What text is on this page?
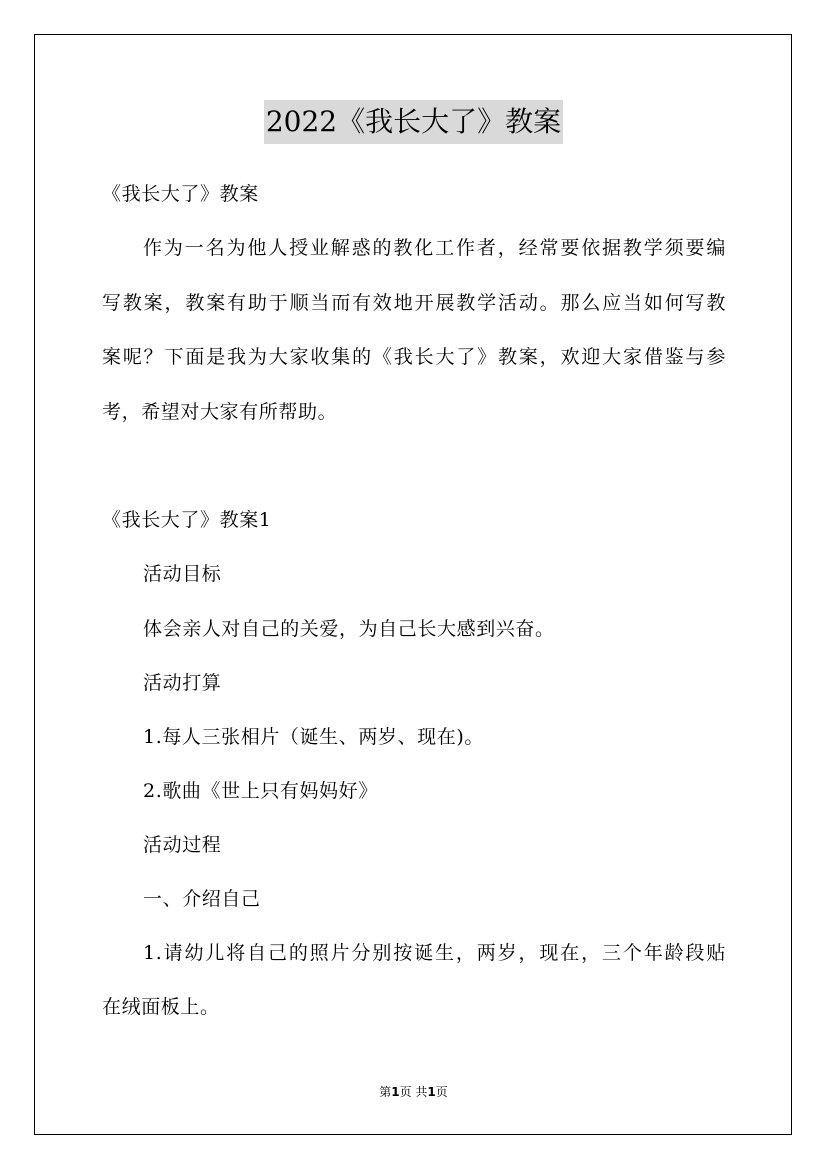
2022《我长大了》教案
《我长大了》教案
作为一名为他人授业解惑的教化工作者，经常要依据教学须要编
写教案，教案有助于顺当而有效地开展教学活动。那么应当如何写教
案呢？下面是我为大家收集的《我长大了》教案，欢迎大家借鉴与参
考，希望对大家有所帮助。
《我长大了》教案1
活动目标
体会亲人对自己的关爱，为自己长大感到兴奋。
活动打算
1.每人三张相片（诞生、两岁、现在)。
2.歌曲《世上只有妈妈好》
活动过程
一、介绍自己
1.请幼儿将自己的照片分别按诞生，两岁，现在，三个年龄段贴
在绒面板上。
第1页 共1页
